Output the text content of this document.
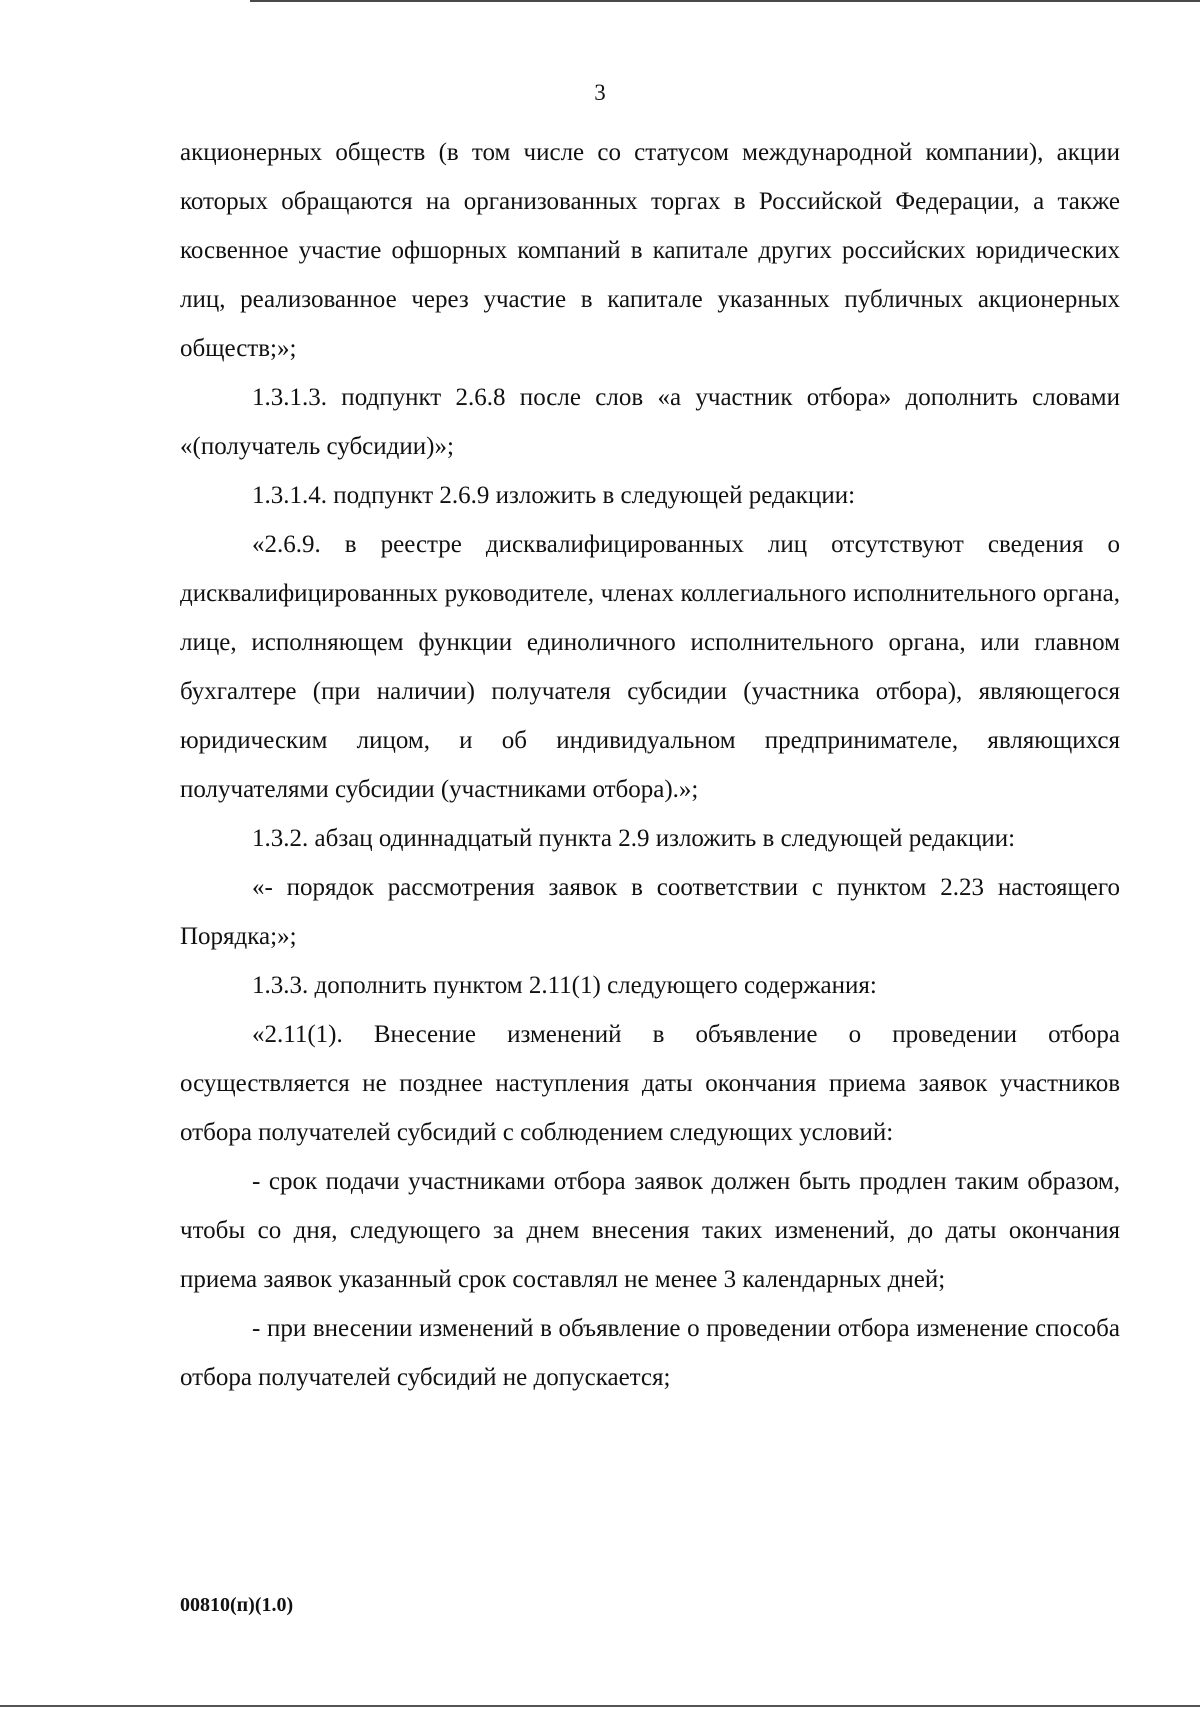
3

акционерных обществ (в том числе со статусом международной компании), акции которых обращаются на организованных торгах в Российской Федерации, а также косвенное участие офшорных компаний в капитале других российских юридических лиц, реализованное через участие в капитале указанных публичных акционерных обществ;»;

1.3.1.3. подпункт 2.6.8 после слов «а участник отбора» дополнить словами «(получатель субсидии)»;

1.3.1.4. подпункт 2.6.9 изложить в следующей редакции:

«2.6.9. в реестре дисквалифицированных лиц отсутствуют сведения о дисквалифицированных руководителе, членах коллегиального исполнительного органа, лице, исполняющем функции единоличного исполнительного органа, или главном бухгалтере (при наличии) получателя субсидии (участника отбора), являющегося юридическим лицом, и об индивидуальном предпринимателе, являющихся получателями субсидии (участниками отбора).»;

1.3.2. абзац одиннадцатый пункта 2.9 изложить в следующей редакции:

«- порядок рассмотрения заявок в соответствии с пунктом 2.23 настоящего Порядка;»;

1.3.3. дополнить пунктом 2.11(1) следующего содержания:

«2.11(1). Внесение изменений в объявление о проведении отбора осуществляется не позднее наступления даты окончания приема заявок участников отбора получателей субсидий с соблюдением следующих условий:

- срок подачи участниками отбора заявок должен быть продлен таким образом, чтобы со дня, следующего за днем внесения таких изменений, до даты окончания приема заявок указанный срок составлял не менее 3 календарных дней;

- при внесении изменений в объявление о проведении отбора изменение способа отбора получателей субсидий не допускается;

00810(п)(1.0)
